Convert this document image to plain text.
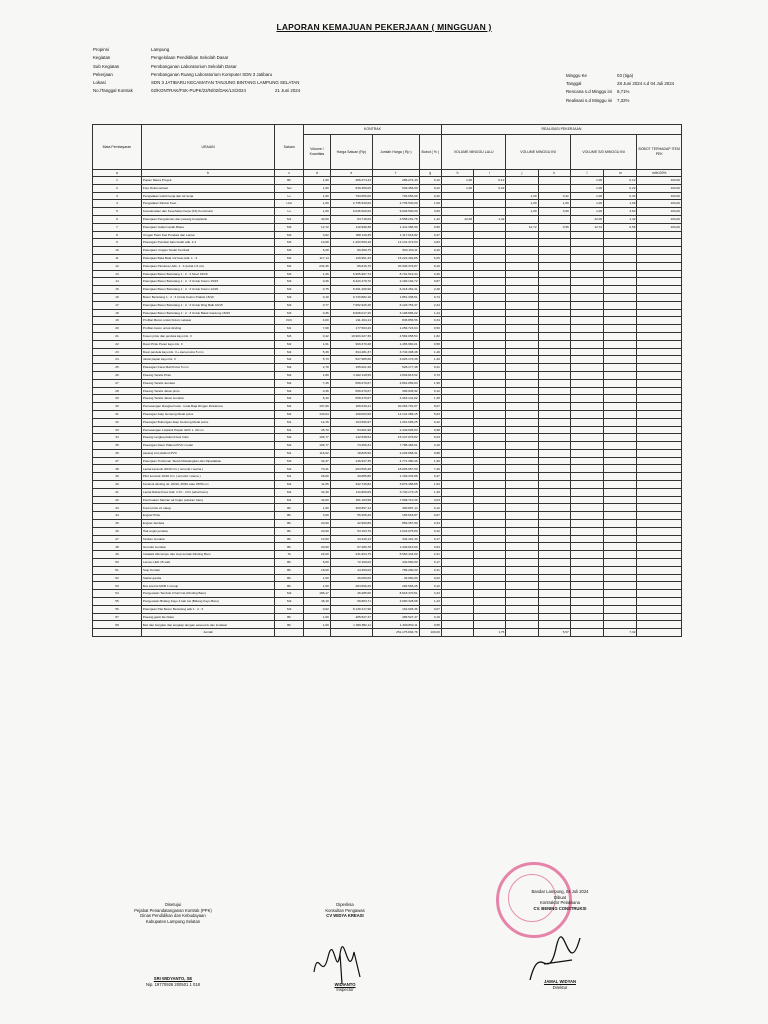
LAPORAN KEMAJUAN PEKERJAAN ( MINGGUAN )
Propinsi	Lampung
Kegiatan	Pengelolaan Pendidikan Sekolah Dasar
Sub Kegiatan	Pembangunan Laboratorium Sekolah Dasar
Pekerjaan	Pembangunan Ruang Laboratorium Komputer SDN 3 Jatibaru
Lokasi	SDN 3 JATIBARU KECAMATAN TANJUNG BINTANG LAMPUNG SELATAN
No./Tanggal Kontrak	02/KONTRAK/FSK-PUPK/23/N/02/DAK/LS/2024	21 Juni 2024
Minggu Ke	03 (tiga)
Tanggal	28 Juni 2024 s.d 04 Juli 2024
Rencana s.d Minggu ini	8,71%
Realisasi s.d Minggu ini	7,32%
Mata Pembayaran	URAIAN	Satuan	KONTRAK				REALISASI PEKERJAAN						
			Volume / Kuantitas	Harga Satuan (Rp)	Jumlah Harga ( Rp )	Bobot ( % )	VOLUME MINGGU LALU		VOLUME MINGGU INI		VOLUME S/D MINGGU INI		BOBOT TERHADAP ITEM PEK
a	b	c	d	e	f	g	h	i	j	k	l	m	m/fx100%
1	Papan Nama Proyek	Bh	1,00	286.274,43	286.274,43	0,12	1,00	0,12			1,00	0,12	100,00
2	Foto Dokumentasi	Set	1,00	549.456,00	549.456,00	0,22	1,00	0,22			1,00	0,22	100,00
3	Pengadaan Listrik kerja dan Air kerja	Ls	1,00	793.656,00	793.656,00	0,32			1,00	0,32	1,00	0,32	100,00
4	Pengadaan Direksi Keet	Unit	1,00	2.735.540,00	2.735.540,00	1,09			1,00	1,09	1,00	1,09	100,00
5	Keselamatan dan Kesehatan Kerja (K3) Konstruksi	Ls	1,00	9.046.500,00	9.046.500,00	3,60			1,00	3,60	1,00	3,60	100,00
6	Pekerjaan Pengukuran dan pasang bouwplank	M1	42,00	84.718,09	3.558.201,78	1,42	42,00	1,42			42,00	1,42	100,00
7	Pekerjaan Galian tanah Biasa	M3	12,72	110.998,38	1.411.386,59	0,56			12,72	0,56	12,72	0,56	100,00
8	Urugan Pasir Kas Pondasi dan Lantai	M3	3,62	308.119,35	1.117.018,82	0,47							
9	Pasangan Pondasi batu belah adk. 1:4	M3	10,08	1.203.509,18	12.131.372,53	4,83							
10	Pekerjaan Urugan Tanah Kembali	M3	6,28	80.280,75	504.163,11	0,20							
11	Pekerjaan Bata Bata 1/2 batu Adk. 1 : 4	M2	117,14	129.951,33	15.222.402,85	6,06							
12	Pekerjaan Plesteran Adk. 1 : 4 (tebal 1,5 cm)	M2	234,36	86.816,76	20.346.376,87	8,10							
13	Pekerjaan Beton Bertulang 1 : 2 : 3 Sloof 15/20	M3	1,26	6.905.967,73	8.701.519,34	3,46							
14	Pekerjaan Beton Bertulang 1 : 2 : 3 Untuk Kolom 15/15	M3	0,26	8.423.479,70	2.190.104,72	0,87							
15	Pekerjaan Beton Bertulang 1 : 2 : 3 Untuk Kolom 12/20	M3	0,75	8.291.269,90	6.218.452,41	2,48							
16	Beton Bertulang 1 : 2 : 3 Untuk Kolom Praktis 15/10	M3	0,19	9.743.882,16	1.851.338,51	0,74							
17	Pekerjaan Beton Bertulang 1 : 2 : 3 Untuk Ring Balk 10/15	M3	0,77	7.952.926,45	6.123.753,37	2,44							
18	Pekerjaan Beton Bertulang 1 : 2 : 3 Untuk Balok Gantung 15/20	M3	0,36	8.608.017,26	3.108.886,22	1,24							
19	Profilan Beton untuk Kolom selasar	Kbh	4,00	211.464,14	845.856,56	0,34							
20	Profilan beton untuk dinding	M1	7,08	177.503,26	1.256.723,64	0,50							
21	Kusen pintu dan jendela kayu kls. II	M3	0,42	10.903.227,30	4.582.058,54	1,82							
22	Daun Pintu Panel kayu kls. II	M2	1,61	909.370,28	1.465.960,21	0,58							
23	Daun jendela kayu kls. II + kaca polos 5 mm	M2	5,39	694.481,37	3.743.308,48	1,49							
24	Jalusi papan kayu kls. II	M2	5,73	527.985,66	3.025.176,38	1,20							
25	Pasangan Kaca Mati Polos 5 mm	M2	2,70	195.621,20	528.177,48	0,21							
26	Pasang Teralis Pintu	M2	1,80	1.022.118,56	1.839.813,52	0,73							
27	Pasang Teralis Jendela	M2	7,45	658.470,67	4.891.959,93	1,95							
28	Pasang Teralis Jalusi pintu	M2	0,46	658.470,67	306.945,92	0,12							
29	Pasang Teralis Jalusi Jendela	M2	5,40	658.470,67	3.463.141,62	1,38							
30	Pemasangan Rangka Kuda - kuda Baja Ringan Zinkalume	M2	107,09	189.649,21	20.264.791,67	8,07							
31	Pasangan Atap Genteng Metal polos	M2	130,64	108.003,56	14.141.386,15	5,63							
32	Pasangan Bubungan Atap Genteng Metal polos	M1	12,15	104.596,97	1.261.695,25	0,42							
33	Pemasangan Lisplank Papan GRC L. 20 cm	M1	45,70	53.601,90	2.449.606,83	0,98							
34	Pasang rangka plafond besi hollo	M2	106,77	142.538,54	15.147.076,82	6,03							
35	Pasangan Daun Plafond PVC model	M2	106,77	73.266,31	7.788.483,01	3,10							
36	pasang List plafond PVC	M1	116,62	18.825,50	2.203.868,31	0,88							
37	Pekerjaan Timbunan Tanah Didatangkan dan Dipadatkan	M3	32,47	146.947,35	4.771.380,46	1,90							
38	Lantai keramik 40/40 Cm ( termolit / warna )	M2	70,31	263.505,48	18.605.957,50	7,46							
39	Plint keramik 10/40 Cm ( termolit / warna )	M1	28,60	40.885,80	1.169.333,88	0,47							
40	Keramik dinding uk. 20/40, 25/40 atau 25/50 cm	M2	11,65	332.745,82	3.876.488,85	1,54							
41	Lantai Rabat Floor Adk. 1 Pc : 4 Ps (tebal baru)	M2	32,40	113.809,09	3.740.173,15	1,49							
42	Pembuatan Saluran air hujan (saluran baru)	M1	42,00	181.163,58	7.608.710,36	3,03							
43	Kunci pintu 2x slaag	Bh	1,00	300.897,14	300.897,14	0,12							
44	Engsel Pintu	Bh	3,00	55.206,29	165.618,87	0,07							
45	Engsel Jendela	Bh	20,00	42.960,89	859.357,80	0,34							
46	Hak angin jendela	Bh	20,00	53.153,79	1.043.075,80	0,42							
47	Tarikan Jendela	Bh	10,00	43.440,13	434.401,30	0,17							
48	Grendel Jendela	Bh	20,00	67.480,78	1.349.615,60	0,54							
49	Instalasi titik lampu dan stop kontak Dinding Baru	Tk	24,00	231.664,75	5.560.434,00	2,21							
50	Lampu LED 15 watt	Bh	6,00	72.160,00	432.960,00	0,17							
51	Stop Kontak	Bh	18,00	44.460,00	786.280,00	0,31							
52	Saklar ganda	Bh	1,00	46.060,00	46.060,00	0,02							
53	Box kontrol MCB 1 Group	Bh	1,00	284.566,25	284.566,25	0,12							
54	Pengecatan Tembok 3 Kali Cat (Dinding Baru)	M2	186,17	46.285,60	8.618.470,51	3,43							
55	Pengecatan Bidang Kayu 3 kali cat (Bidang Kayu Baru)	M2	46,19	66.884,71	3.090.328,98	1,23							
56	Pekerjaan Plat Beton Bertulang adk 1 : 2 : 3	M3	0,02	8.130.317,96	162.606,36	0,07							
57	Pasang ganti tile hitam	Bh	1,00	485.527,47	485.527,47	0,19							
58	Beli dan bongkar dan lengkap dengan assesoris dan instalasi	Bh	1,00	1.369.852,11	1.369.852,11	0,55							
	Jumlah				251.175.894,76	100,00		1,75		5,57		7,32	
Disetujui
Pejabat Penandatanganan Kontrak (PPK)
Dinas Pendidikan dan Kebudayaan
Kabupaten Lampung Selatan
SRI WIDYANTO, SE
Nip. 19770926 200501 1 018
Diperiksa
Konsultan Pengawas
CV WIDYA KREASI
WIDIANTO
Inspector
Bandar Lampung, 04 Juli 2024
Dibuat
Kontraktor Pelaksana
CV. BENING CONSTRUKSI
JAMAL WIDYAN
Direktur
